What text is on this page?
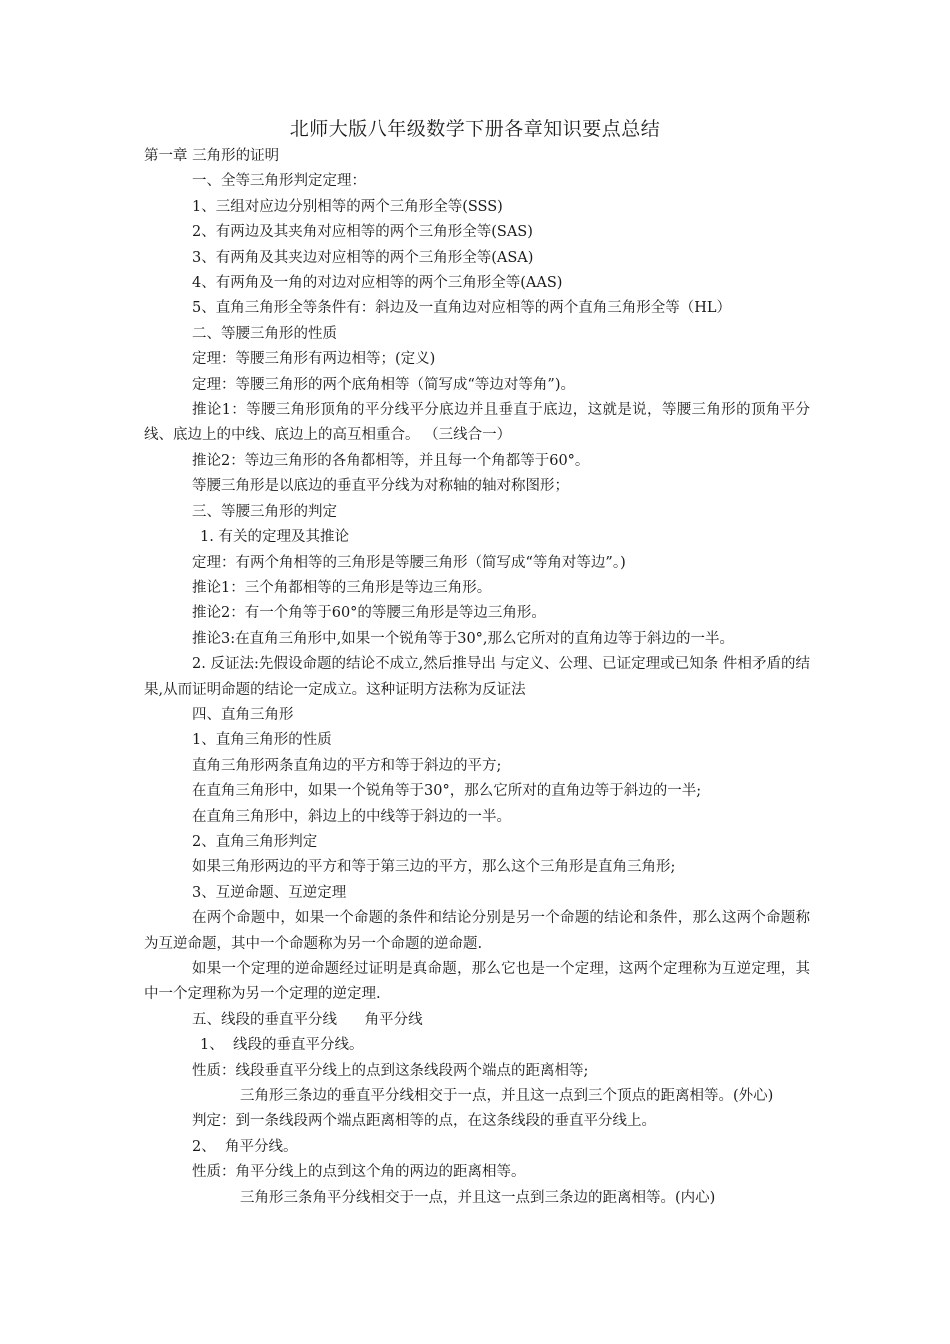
北师大版八年级数学下册各章知识要点总结

第一章 三角形的证明

一、全等三角形判定定理：

1、三组对应边分别相等的两个三角形全等(SSS)

2、有两边及其夹角对应相等的两个三角形全等(SAS)

3、有两角及其夹边对应相等的两个三角形全等(ASA)

4、有两角及一角的对边对应相等的两个三角形全等(AAS)

5、直角三角形全等条件有：斜边及一直角边对应相等的两个直角三角形全等（HL）

二、等腰三角形的性质

定理：等腰三角形有两边相等；(定义)

定理：等腰三角形的两个底角相等（简写成“等边对等角”)。

推论1：等腰三角形顶角的平分线平分底边并且垂直于底边，这就是说，等腰三角形的顶角平分线、底边上的中线、底边上的高互相重合。 （三线合一）

推论2：等边三角形的各角都相等，并且每一个角都等于60°。

等腰三角形是以底边的垂直平分线为对称轴的轴对称图形；

三、等腰三角形的判定

1. 有关的定理及其推论

定理：有两个角相等的三角形是等腰三角形（简写成“等角对等边”。)

推论1：三个角都相等的三角形是等边三角形。

推论2：有一个角等于60°的等腰三角形是等边三角形。

推论3:在直角三角形中,如果一个锐角等于30°,那么它所对的直角边等于斜边的一半。

2. 反证法:先假设命题的结论不成立,然后推导出 与定义、公理、已证定理或已知条 件相矛盾的结果,从而证明命题的结论一定成立。这种证明方法称为反证法

四、直角三角形

1、直角三角形的性质

直角三角形两条直角边的平方和等于斜边的平方;

在直角三角形中，如果一个锐角等于30°，那么它所对的直角边等于斜边的一半;

在直角三角形中，斜边上的中线等于斜边的一半。

2、直角三角形判定

如果三角形两边的平方和等于第三边的平方，那么这个三角形是直角三角形;

3、互逆命题、互逆定理

在两个命题中，如果一个命题的条件和结论分别是另一个命题的结论和条件，那么这两个命题称为互逆命题，其中一个命题称为另一个命题的逆命题.

如果一个定理的逆命题经过证明是真命题，那么它也是一个定理，这两个定理称为互逆定理，其中一个定理称为另一个定理的逆定理.

五、线段的垂直平分线      角平分线

1、  线段的垂直平分线。

性质：线段垂直平分线上的点到这条线段两个端点的距离相等;

三角形三条边的垂直平分线相交于一点，并且这一点到三个顶点的距离相等。(外心)

判定：到一条线段两个端点距离相等的点，在这条线段的垂直平分线上。

2、  角平分线。

性质：角平分线上的点到这个角的两边的距离相等。

三角形三条角平分线相交于一点，并且这一点到三条边的距离相等。(内心)
